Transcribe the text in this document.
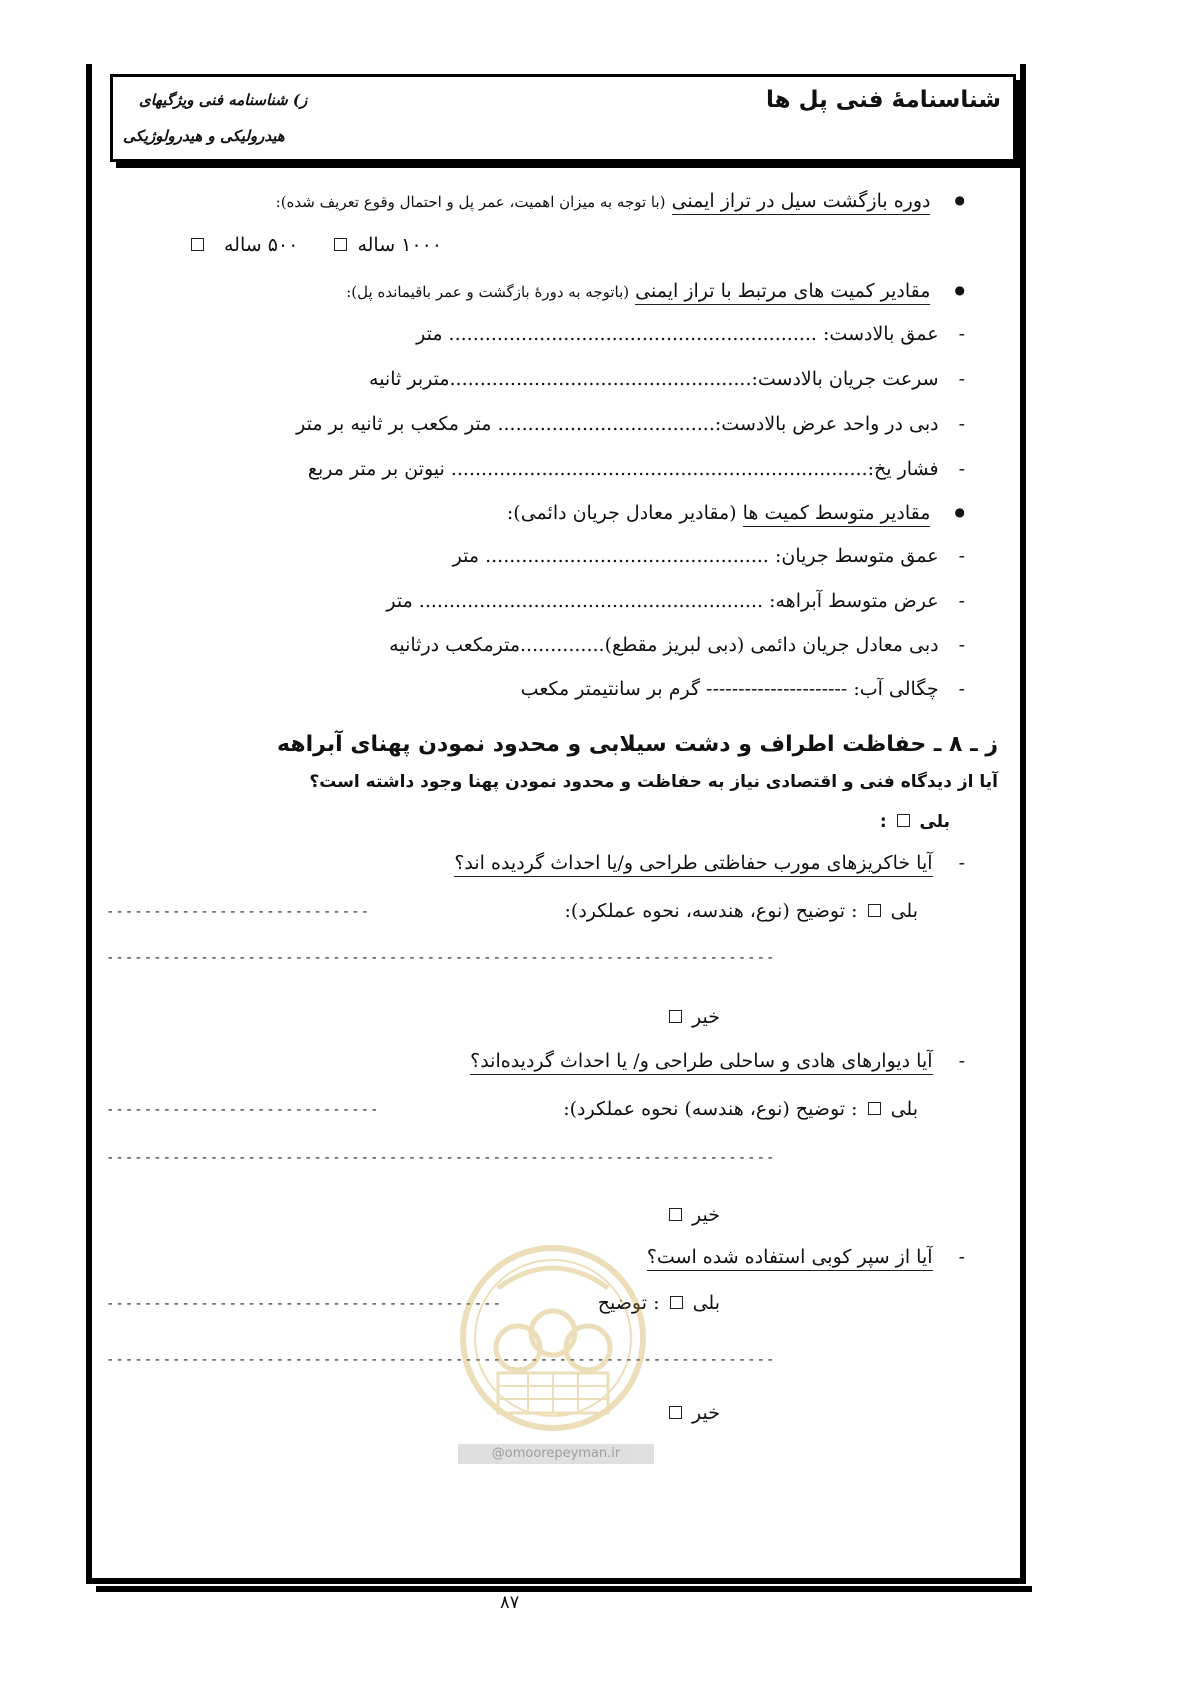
شناسنامهٔ فنی پل ها
ز) شناسنامه فنی ویژگیهای
هیدرولیکی و هیدرولوژیکی
● دوره بازگشت سیل در تراز ایمنی (با توجه به میزان اهمیت، عمر پل و احتمال وقوع تعریف شده):
۱۰۰۰ ساله  ۵۰۰ ساله
● مقادیر کمیت های مرتبط با تراز ایمنی (باتوجه به دورهٔ بازگشت و عمر باقیمانده پل):
- عمق بالادست: ............................................................. متر
- سرعت جریان بالادست:..................................................متربر ثانیه
- دبی در واحد عرض بالادست:.................................... متر مکعب بر ثانیه بر متر
- فشار یخ:..................................................................... نیوتن بر متر مربع
● مقادیر متوسط کمیت ها (مقادیر معادل جریان دائمی):
- عمق متوسط جریان: ............................................... متر
- عرض متوسط آبراهه: ......................................................... متر
- دبی معادل جریان دائمی (دبی لبریز مقطع)..............مترمکعب درثانیه
- چگالی آب: ---------------------- گرم بر سانتیمتر مکعب
ز ـ ۸ ـ حفاظت اطراف و دشت سیلابی و محدود نمودن پهنای آبراهه
آیا از دیدگاه فنی و اقتصادی نیاز به حفاظت و محدود نمودن پهنا وجود داشته است؟
بلی  :
- آیا خاکریزهای مورب حفاظتی طراحی و/یا احداث گردیده اند؟
بلی  : توضیح (نوع، هندسه، نحوه عملکرد):
----------------------------
-----------------------------------------------------------------------
خیر
- آیا دیوارهای هادی و ساحلی طراحی و/ یا احداث گردیده‌اند؟
بلی  : توضیح (نوع، هندسه) نحوه عملکرد):
-----------------------------
-----------------------------------------------------------------------
خیر
- آیا از سپر کوبی استفاده شده است؟
بلی  : توضیح
------------------------------------------
-----------------------------------------------------------------------
خیر
@omoorepeyman.ir
۸۷
